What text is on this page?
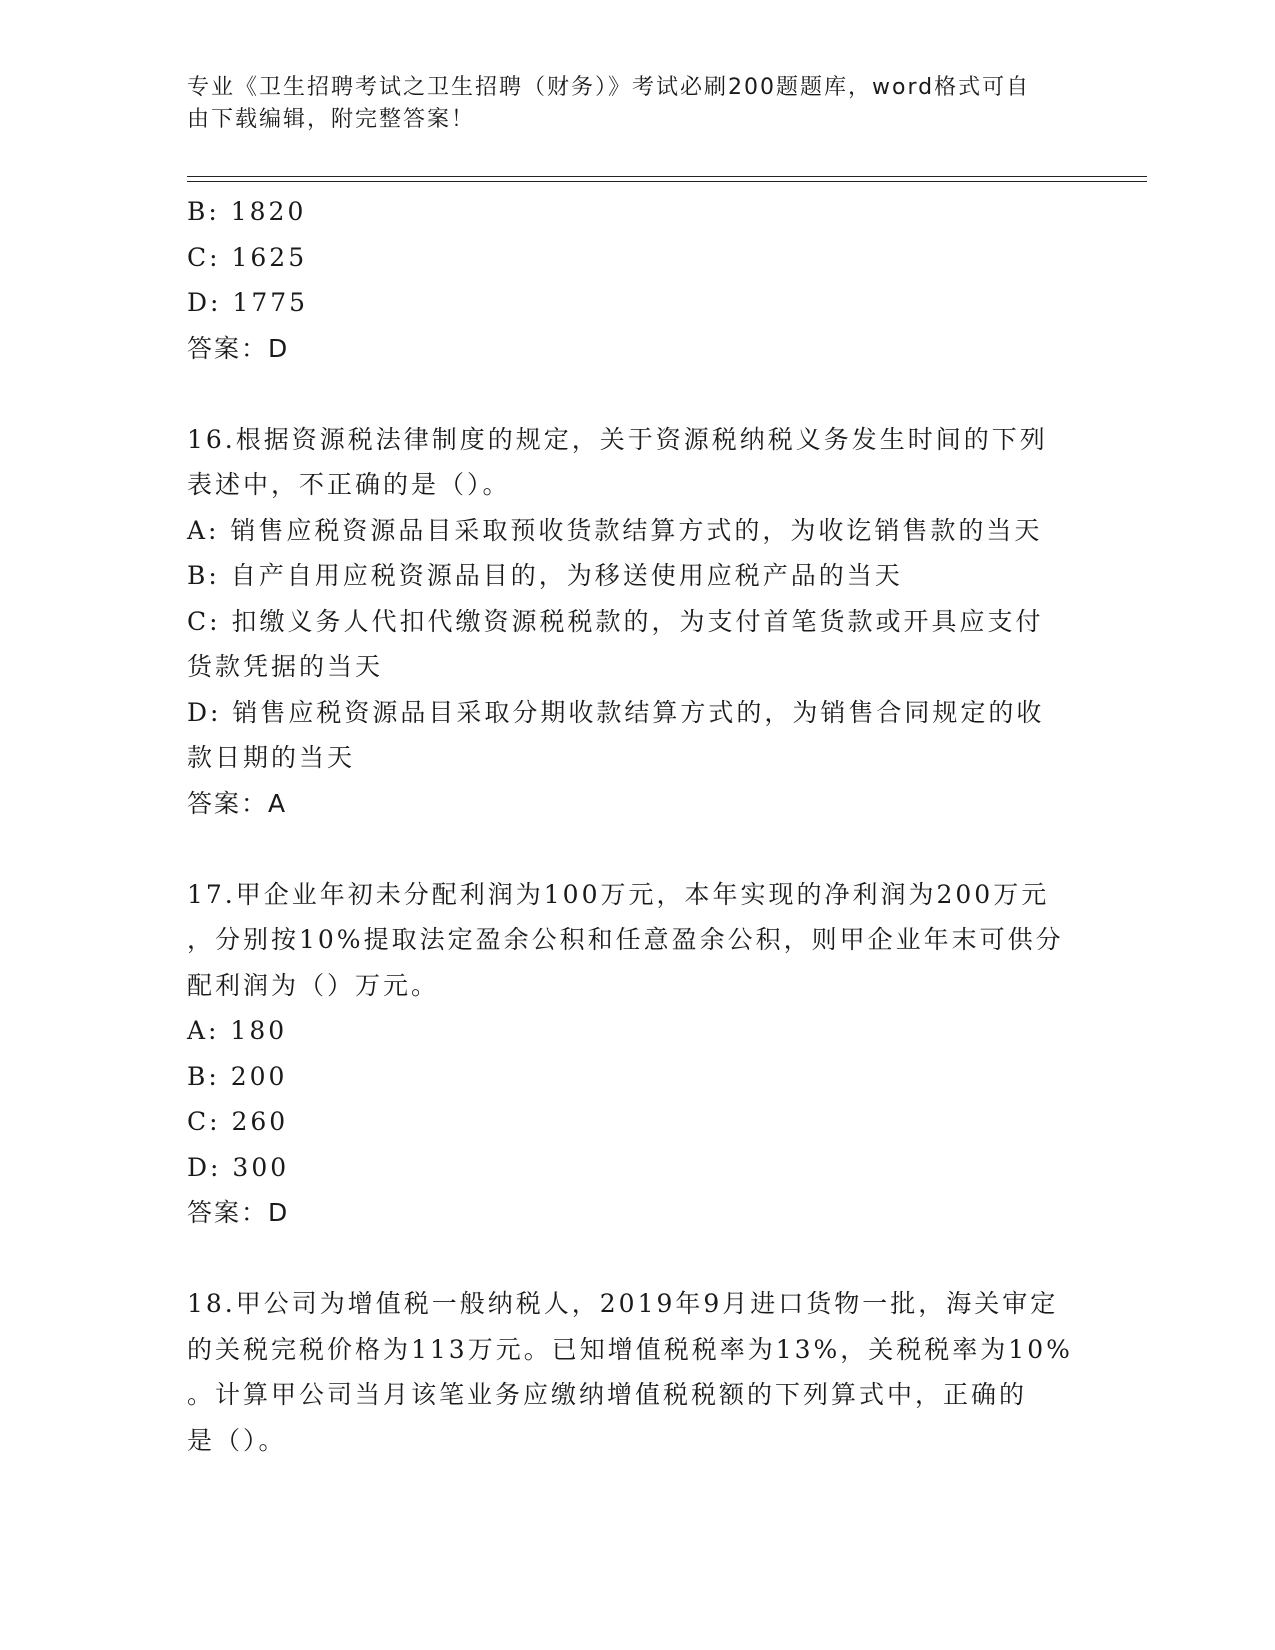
专业《卫生招聘考试之卫生招聘（财务）》考试必刷200题题库，word格式可自
由下载编辑，附完整答案！
B: 1820
C: 1625
D: 1775
答案：D
16.根据资源税法律制度的规定，关于资源税纳税义务发生时间的下列
表述中，不正确的是（）。
A: 销售应税资源品目采取预收货款结算方式的，为收讫销售款的当天
B: 自产自用应税资源品目的，为移送使用应税产品的当天
C: 扣缴义务人代扣代缴资源税税款的，为支付首笔货款或开具应支付
货款凭据的当天
D: 销售应税资源品目采取分期收款结算方式的，为销售合同规定的收
款日期的当天
答案：A
17.甲企业年初未分配利润为100万元，本年实现的净利润为200万元
，分别按10%提取法定盈余公积和任意盈余公积，则甲企业年末可供分
配利润为（）万元。
A: 180
B: 200
C: 260
D: 300
答案：D
18.甲公司为增值税一般纳税人，2019年9月进口货物一批，海关审定
的关税完税价格为113万元。已知增值税税率为13%，关税税率为10%
。计算甲公司当月该笔业务应缴纳增值税税额的下列算式中，正确的
是（）。
